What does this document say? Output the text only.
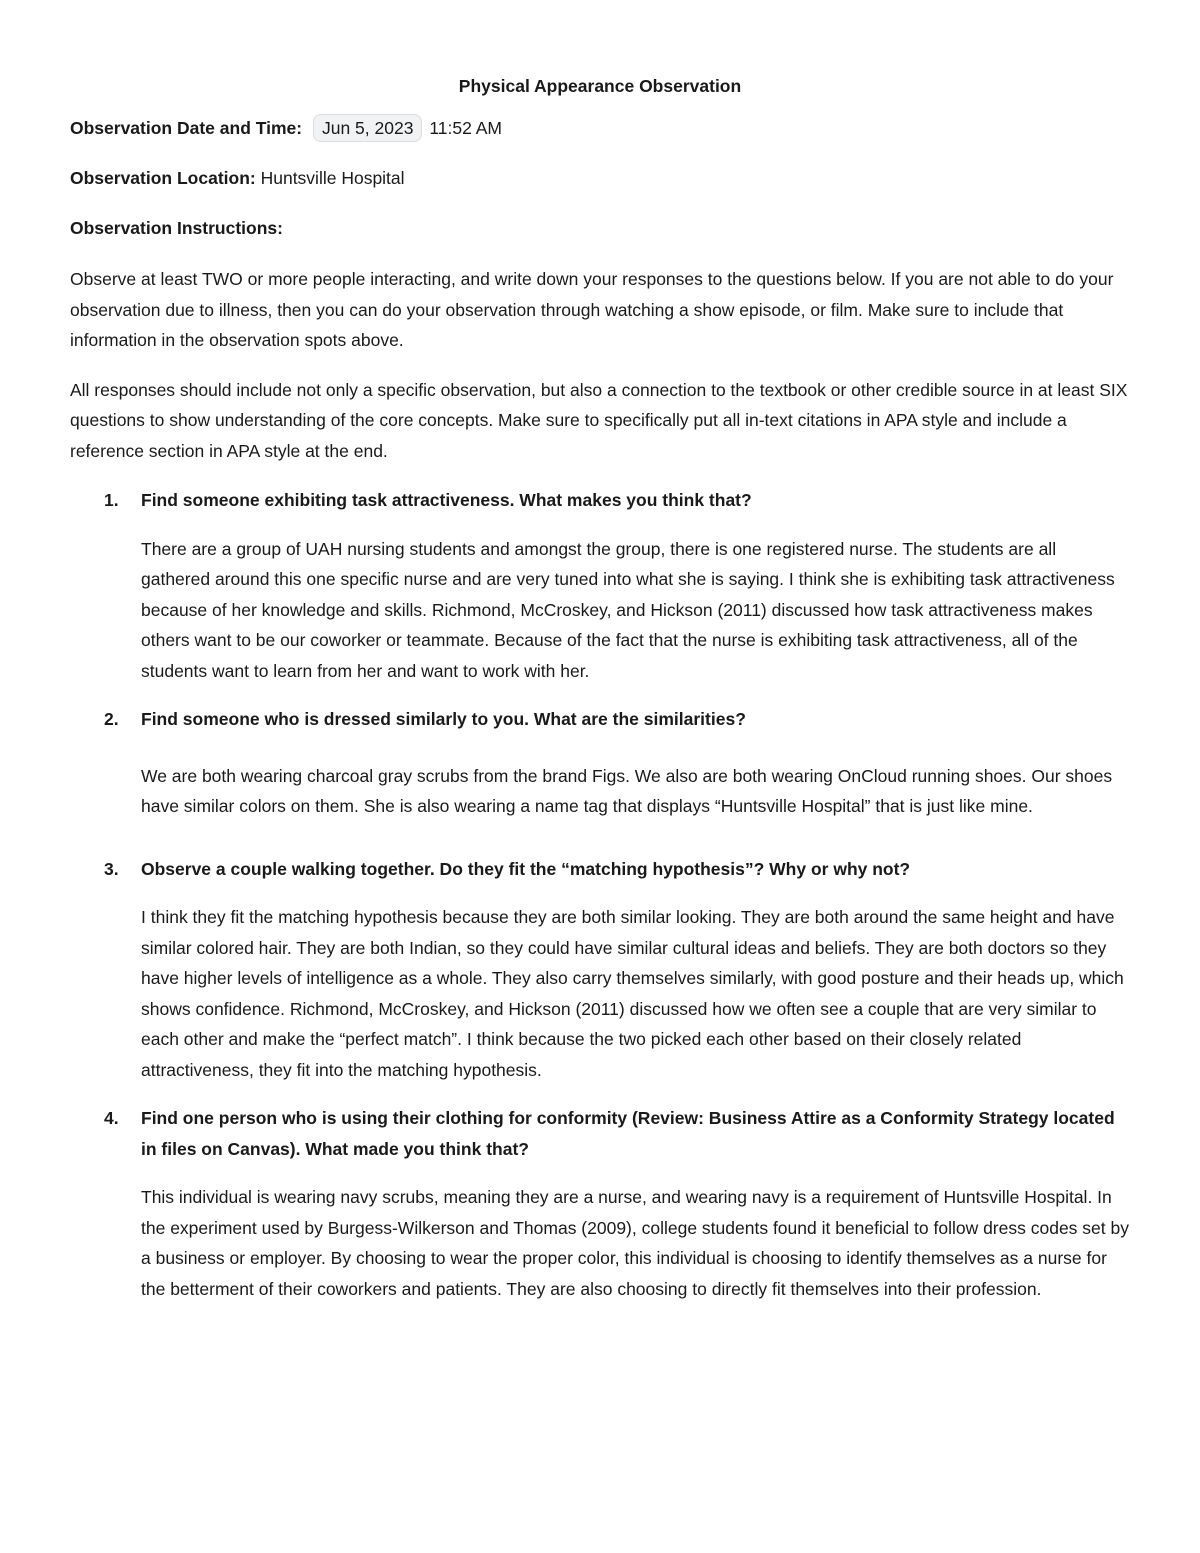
Physical Appearance Observation
Observation Date and Time: Jun 5, 2023 11:52 AM
Observation Location: Huntsville Hospital
Observation Instructions:

Observe at least TWO or more people interacting, and write down your responses to the questions below. If you are not able to do your observation due to illness, then you can do your observation through watching a show episode, or film. Make sure to include that information in the observation spots above.

All responses should include not only a specific observation, but also a connection to the textbook or other credible source in at least SIX questions to show understanding of the core concepts. Make sure to specifically put all in-text citations in APA style and include a reference section in APA style at the end.

1. Find someone exhibiting task attractiveness. What makes you think that?
There are a group of UAH nursing students and amongst the group, there is one registered nurse. The students are all gathered around this one specific nurse and are very tuned into what she is saying. I think she is exhibiting task attractiveness because of her knowledge and skills. Richmond, McCroskey, and Hickson (2011) discussed how task attractiveness makes others want to be our coworker or teammate. Because of the fact that the nurse is exhibiting task attractiveness, all of the students want to learn from her and want to work with her.
2. Find someone who is dressed similarly to you. What are the similarities?
We are both wearing charcoal gray scrubs from the brand Figs. We also are both wearing OnCloud running shoes. Our shoes have similar colors on them. She is also wearing a name tag that displays “Huntsville Hospital” that is just like mine.
3. Observe a couple walking together. Do they fit the “matching hypothesis”? Why or why not?
I think they fit the matching hypothesis because they are both similar looking. They are both around the same height and have similar colored hair. They are both Indian, so they could have similar cultural ideas and beliefs. They are both doctors so they have higher levels of intelligence as a whole. They also carry themselves similarly, with good posture and their heads up, which shows confidence. Richmond, McCroskey, and Hickson (2011) discussed how we often see a couple that are very similar to each other and make the “perfect match”. I think because the two picked each other based on their closely related attractiveness, they fit into the matching hypothesis.
4. Find one person who is using their clothing for conformity (Review: Business Attire as a Conformity Strategy located in files on Canvas). What made you think that?
This individual is wearing navy scrubs, meaning they are a nurse, and wearing navy is a requirement of Huntsville Hospital. In the experiment used by Burgess-Wilkerson and Thomas (2009), college students found it beneficial to follow dress codes set by a business or employer. By choosing to wear the proper color, this individual is choosing to identify themselves as a nurse for the betterment of their coworkers and patients. They are also choosing to directly fit themselves into their profession.
